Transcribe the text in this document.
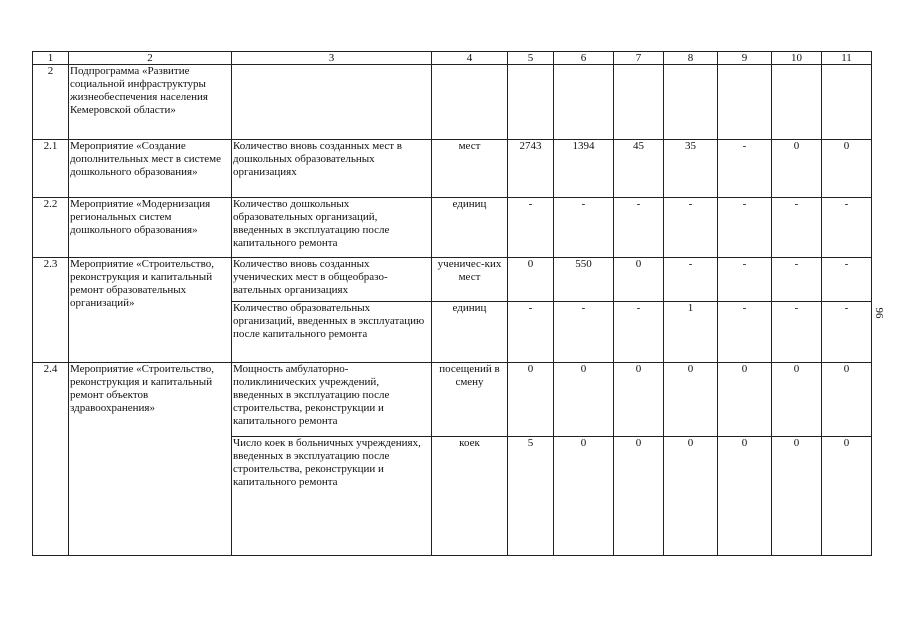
1	2	3	4	5	6	7	8	9	10	11
2	Подпрограмма «Развитие социальной инфраструктуры жизнеобеспечения населения Кемеровской области»									
2.1	Мероприятие «Создание дополнительных мест в системе дошкольного образования»	Количество вновь созданных мест в дошкольных образовательных организациях	мест	2743	1394	45	35	-	0	0
2.2	Мероприятие «Модернизация региональных систем дошкольного образования»	Количество дошкольных образовательных организаций, введенных в эксплуатацию после капитального ремонта	единиц	-	-	-	-	-	-	-
2.3	Мероприятие «Строительство, реконструкция и капитальный ремонт образовательных организаций»	Количество вновь созданных ученических мест в общеобразо-вательных организациях	ученичес-ких мест	0	550	0	-	-	-	-
		Количество образовательных организаций, введенных в эксплуатацию после капитального ремонта	единиц	-	-	-	1	-	-	-
2.4	Мероприятие «Строительство, реконструкция и капитальный ремонт объектов здравоохранения»	Мощность амбулаторно-поликлинических учреждений, введенных в эксплуатацию после строительства, реконструкции и капитального ремонта	посещений в смену	0	0	0	0	0	0	0
		Число коек в больничных учреждениях, введенных в эксплуатацию после строительства, реконструкции и капитального ремонта	коек	5	0	0	0	0	0	0
96
